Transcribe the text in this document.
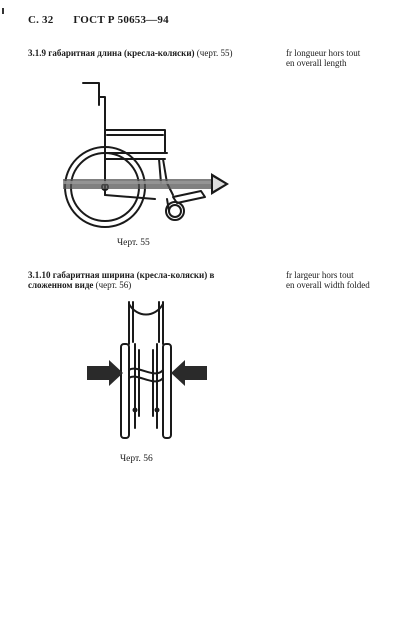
С. 32 ГОСТ Р 50653—94
3.1.9 габаритная длина (кресла-коляски) (черт. 55)	fr longueur hors tout
en overall length
Черт. 55
3.1.10 габаритная ширина (кресла-коляски) в сложенном виде (черт. 56)
fr largeur hors tout
en overall width folded
Черт. 56
